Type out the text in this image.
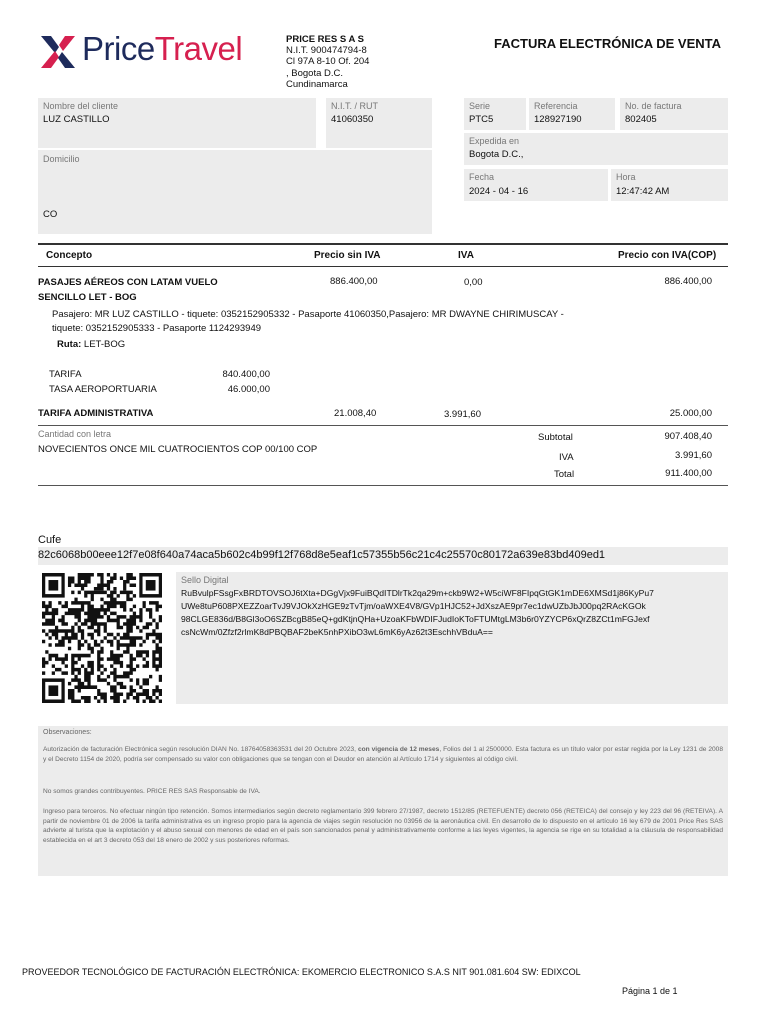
PriceTravel	PRICE RES S A S
N.I.T. 900474794-8
Cl 97A 8-10 Of. 204
, Bogota D.C.
Cundinamarca
FACTURA ELECTRÓNICA DE VENTA
Nombre del cliente
LUZ CASTILLO
N.I.T. / RUT
41060350
Domicilio
CO
Serie
PTC5
Referencia
128927190
No. de factura
802405
Expedida en
Bogota D.C.,
Fecha
2024 - 04 - 16
Hora
12:47:42 AM
Concepto	Precio sin IVA	IVA	Precio con IVA(COP)
PASAJES AÉREOS CON LATAM VUELO
SENCILLO LET - BOG
886.400,00	0,00	886.400,00
Pasajero: MR LUZ CASTILLO - tiquete: 0352152905332 - Pasaporte 41060350,Pasajero: MR DWAYNE CHIRIMUSCAY -
tiquete: 0352152905333 - Pasaporte 1124293949
Ruta: LET-BOG
TARIFA	840.400,00
TASA AEROPORTUARIA	46.000,00
TARIFA ADMINISTRATIVA	21.008,40	3.991,60	25.000,00
Cantidad con letra
NOVECIENTOS ONCE MIL CUATROCIENTOS COP 00/100 COP
Subtotal	907.408,40
IVA	3.991,60
Total	911.400,00
Cufe
82c6068b00eee12f7e08f640a74aca5b602c4b99f12f768d8e5eaf1c57355b56c21c4c25570c80172a639e83bd409ed1
Sello Digital
RuBvulpFSsgFxBRDTOVSOJ6tXta+DGgVjx9FuiBQdITDlrTk2qa29m+ckb9W2+W5ciWF8FIpqGtGK1mDE6XMSd1j86KyPu7
UWe8tuP608PXEZZoarTvJ9VJOkXzHGE9zTvTjm/oaWXE4V8/GVp1HJC52+JdXszAE9pr7ec1dwUZbJbJ00pq2RAcKGOk
98CLGE836d/B8Gl3oO6SZBcgB85eQ+gdKtjnQHa+UzoaKFbWDIFJudIoKToFTUMtgLM3b6r0YZYCP6xQrZ8ZCt1mFGJexf
csNcWm/0Zfzf2rlmK8dPBQBAF2beK5nhPXibO3wL6mK6yAz62t3EschhVBduA==
Observaciones:
Autorización de facturación Electrónica según resolución DIAN No. 18764058363531 del 20 Octubre 2023, con vigencia de 12 meses, Folios del 1 al 2500000. Esta factura es un título valor por estar regida por la Ley 1231 de 2008 y el Decreto 1154 de 2020, podría ser compensado su valor con obligaciones que se tengan con el Deudor en atención al Artículo 1714 y siguientes al código civil.
No somos grandes contribuyentes. PRICE RES SAS Responsable de IVA.
Ingreso para terceros. No efectuar ningún tipo retención. Somos intermediarios según decreto reglamentario 399 febrero 27/1987, decreto 1512/85 (RETEFUENTE) decreto 056 (RETEICA) del consejo y ley 223 del 96 (RETEIVA). A partir de noviembre 01 de 2006 la tarifa administrativa es un ingreso propio para la agencia de viajes según resolución no 03956 de la aeronáutica civil. En desarrollo de lo dispuesto en el artículo 16 ley 679 de 2001 Price Res SAS advierte al turista que la explotación y el abuso sexual con menores de edad en el país son sancionados penal y administrativamente conforme a las leyes vigentes, la agencia se rige en su totalidad a la cláusula de responsabilidad establecida en el art 3 decreto 053 del 18 enero de 2002 y sus posteriores reformas.
PROVEEDOR TECNOLÓGICO DE FACTURACIÓN ELECTRÓNICA: EKOMERCIO ELECTRONICO S.A.S NIT 901.081.604 SW: EDIXCOL
Página 1 de 1
